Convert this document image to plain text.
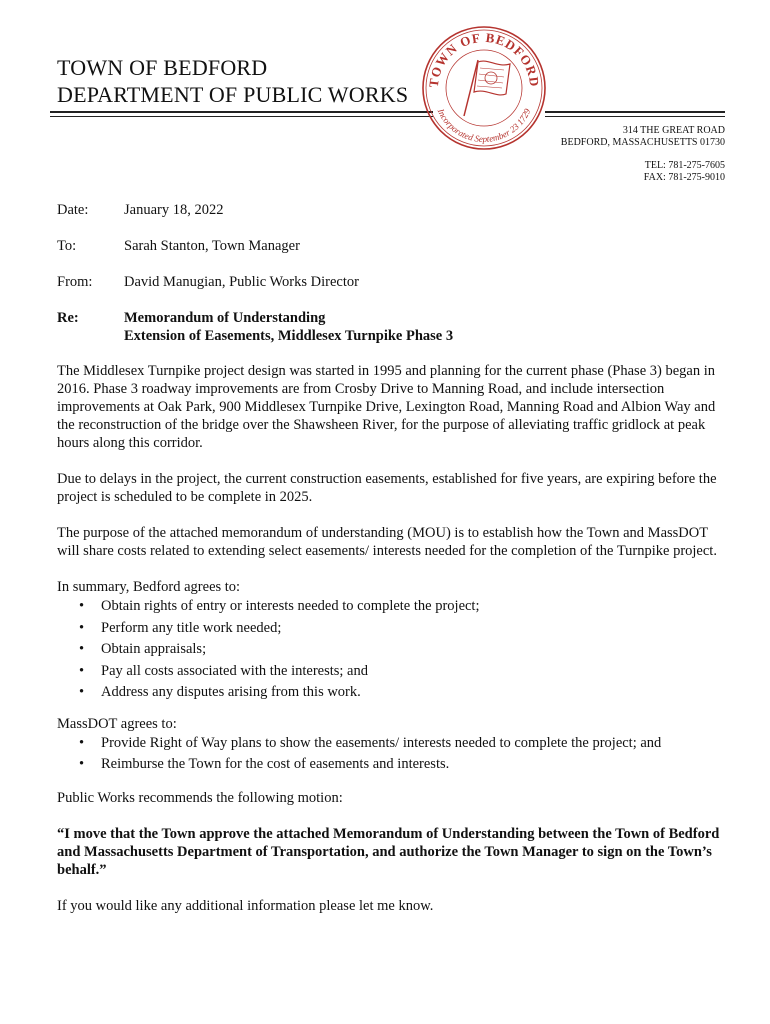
TOWN OF BEDFORD
DEPARTMENT OF PUBLIC WORKS TOWN OF BEDFORD
Incorporated September 23 1729
314 THE GREAT ROAD
BEDFORD, MASSACHUSETTS 01730
TEL: 781-275-7605
FAX: 781-275-9010
Date: January 18, 2022
To:	Sarah Stanton, Town Manager
From: David Manugian, Public Works Director
Re:	Memorandum of Understanding
Extension of Easements, Middlesex Turnpike Phase 3

The Middlesex Turnpike project design was started in 1995 and planning for the current phase (Phase 3) began in 2016. Phase 3 roadway improvements are from Crosby Drive to Manning Road, and include intersection improvements at Oak Park, 900 Middlesex Turnpike Drive, Lexington Road, Manning Road and Albion Way and the reconstruction of the bridge over the Shawsheen River, for the purpose of alleviating traffic gridlock at peak hours along this corridor.

Due to delays in the project, the current construction easements, established for five years, are expiring before the project is scheduled to be complete in 2025.

The purpose of the attached memorandum of understanding (MOU) is to establish how the Town and MassDOT will share costs related to extending select easements/ interests needed for the completion of the Turnpike project.

In summary, Bedford agrees to:

• Obtain rights of entry or interests needed to complete the project;
• Perform any title work needed;
• Obtain appraisals;
• Pay all costs associated with the interests; and
• Address any disputes arising from this work.

MassDOT agrees to:

• Provide Right of Way plans to show the easements/ interests needed to complete the project; and
• Reimburse the Town for the cost of easements and interests.

Public Works recommends the following motion:

“I move that the Town approve the attached Memorandum of Understanding between the Town of Bedford and Massachusetts Department of Transportation, and authorize the Town Manager to sign on the Town’s behalf.”

If you would like any additional information please let me know.
